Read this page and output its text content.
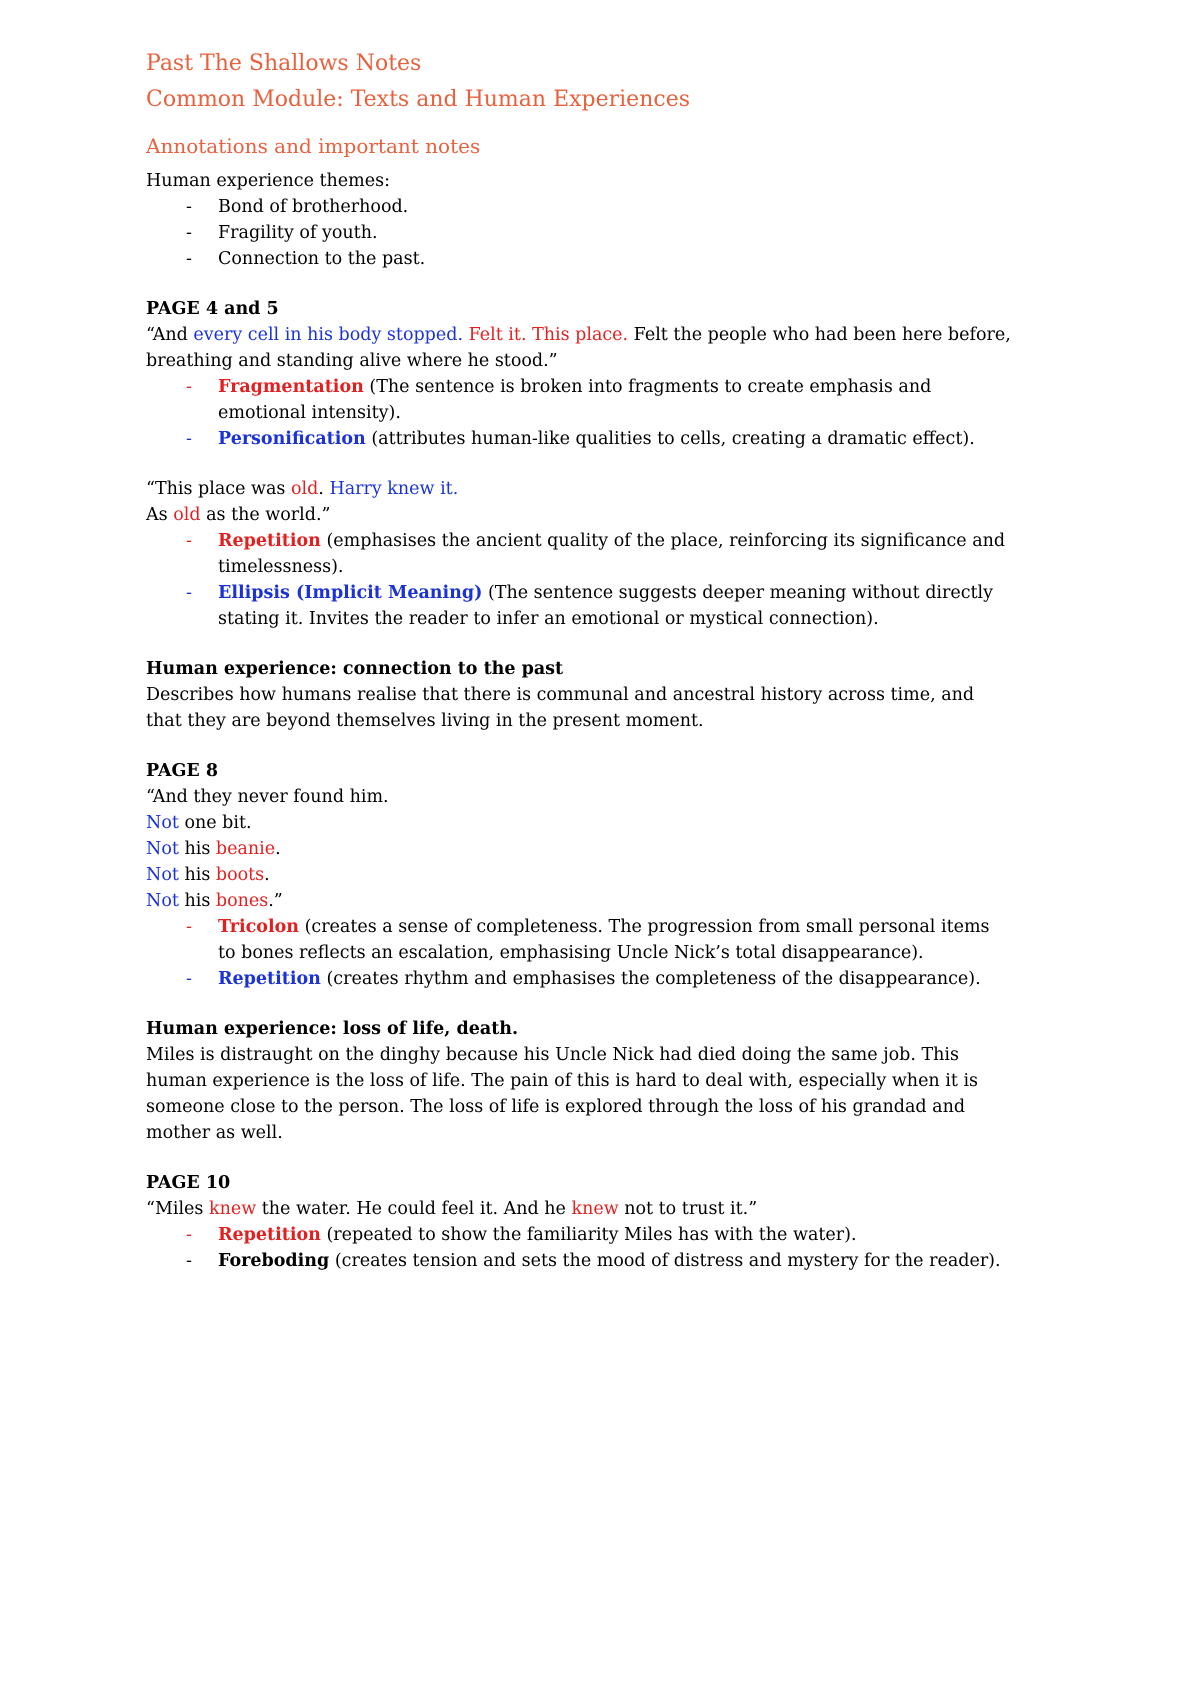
Past The Shallows Notes
Common Module: Texts and Human Experiences
Annotations and important notes

Human experience themes:

- Bond of brotherhood.
- Fragility of youth.
- Connection to the past.

PAGE 4 and 5

“And every cell in his body stopped. Felt it. This place. Felt the people who had been here before,

breathing and standing alive where he stood.”

- Fragmentation (The sentence is broken into fragments to create emphasis and
emotional intensity).
- Personification (attributes human-like qualities to cells, creating a dramatic effect).

“This place was old. Harry knew it.

As old as the world.”

- Repetition (emphasises the ancient quality of the place, reinforcing its significance and
timelessness).
- Ellipsis (Implicit Meaning) (The sentence suggests deeper meaning without directly
stating it. Invites the reader to infer an emotional or mystical connection).

Human experience: connection to the past

Describes how humans realise that there is communal and ancestral history across time, and

that they are beyond themselves living in the present moment.

PAGE 8

“And they never found him.

Not one bit.

Not his beanie.

Not his boots.

Not his bones.”

- Tricolon (creates a sense of completeness. The progression from small personal items
to bones reflects an escalation, emphasising Uncle Nick’s total disappearance).
- Repetition (creates rhythm and emphasises the completeness of the disappearance).

Human experience: loss of life, death.

Miles is distraught on the dinghy because his Uncle Nick had died doing the same job. This

human experience is the loss of life. The pain of this is hard to deal with, especially when it is

someone close to the person. The loss of life is explored through the loss of his grandad and

mother as well.

PAGE 10

“Miles knew the water. He could feel it. And he knew not to trust it.”

- Repetition (repeated to show the familiarity Miles has with the water).
- Foreboding (creates tension and sets the mood of distress and mystery for the reader).
